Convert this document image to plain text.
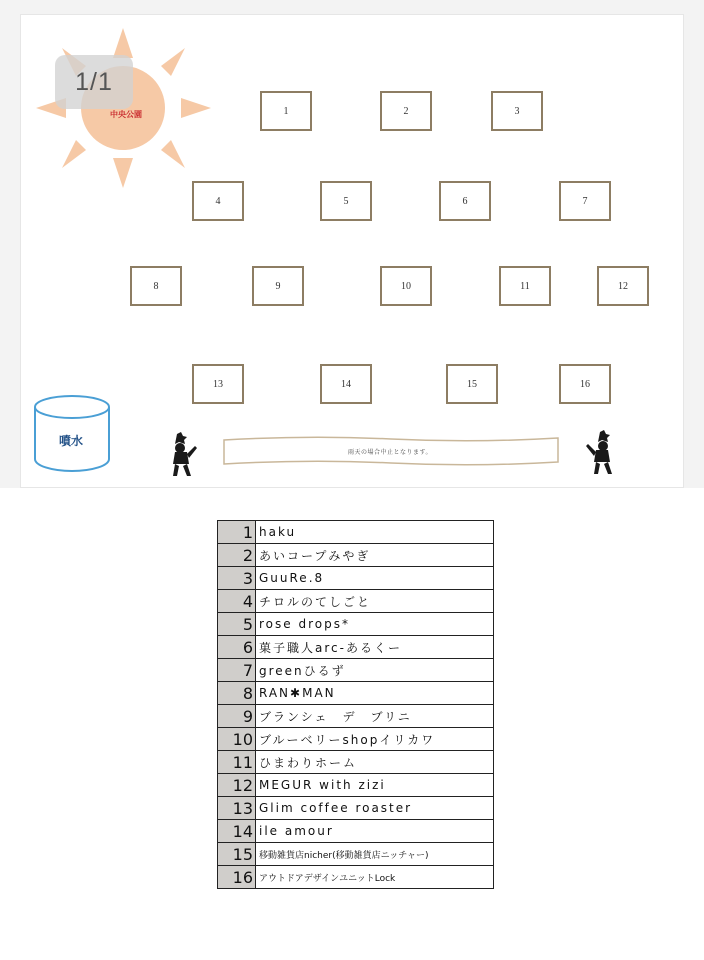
1/1
中央公園	1	2	3
4	5	6	7
8	9	10	11	12
13	14	15	16
噴水
雨天の場合中止となります。
1	haku
2	あいコープみやぎ
3	GuuRe.8
4	チロルのてしごと
5	rose drops*
6	菓子職人arc-あるくー
7	greenひるず
8	RAN✱MAN
9	ブランシェ　デ　ブリニ
10	ブルーベリーshopイリカワ
11	ひまわりホーム
12	MEGUR with zizi
13	Glim coffee roaster
14	ile amour
15	移動雑貨店nicher(移動雑貨店ニッチャー)
16	アウトドアデザインユニットLock
